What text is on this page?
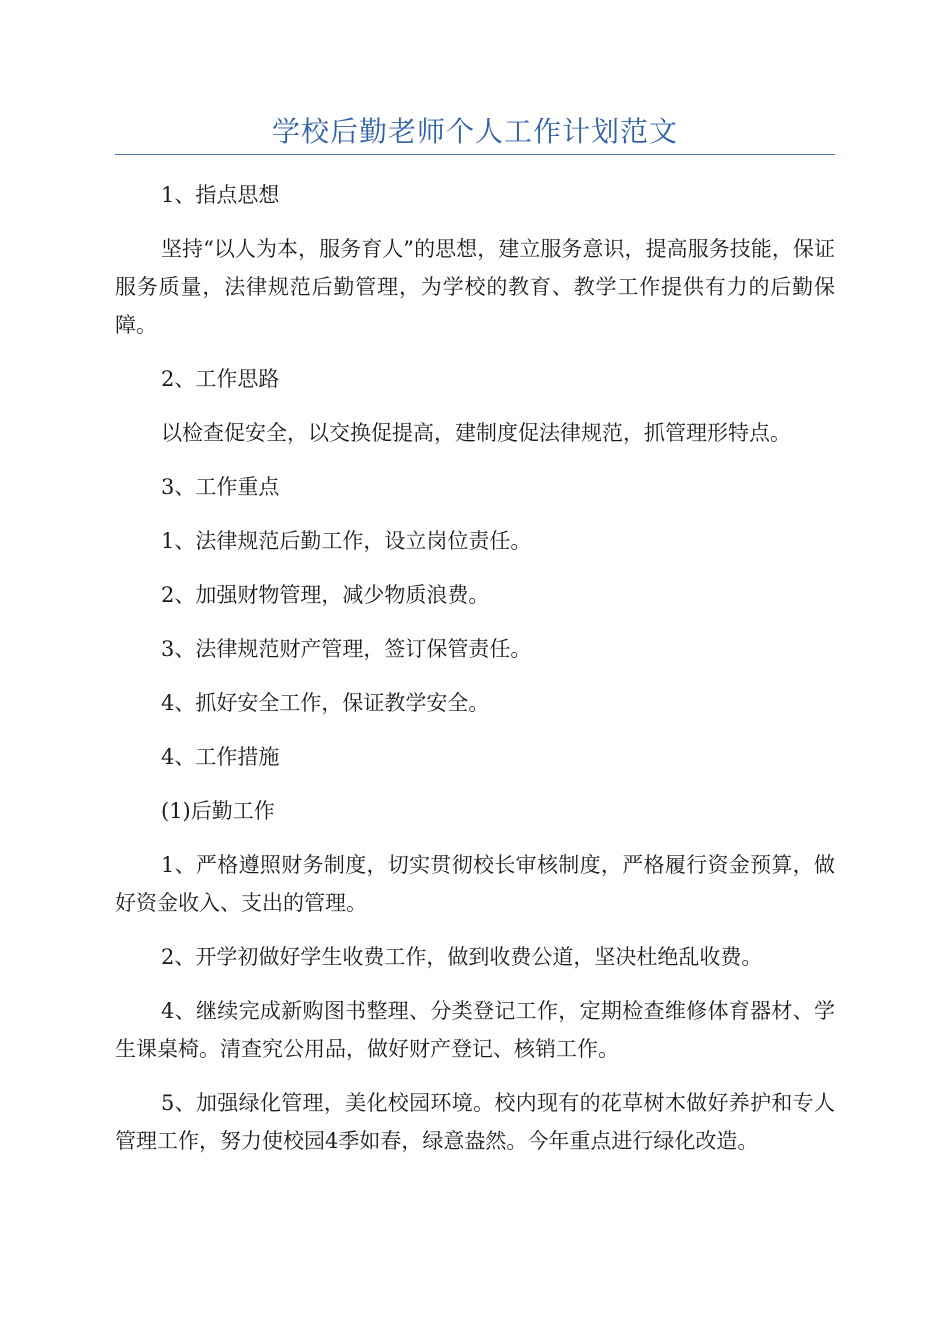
学校后勤老师个人工作计划范文

1、指点思想

坚持“以人为本，服务育人”的思想，建立服务意识，提高服务技能，保证服务质量，法律规范后勤管理，为学校的教育、教学工作提供有力的后勤保障。

2、工作思路

以检查促安全，以交换促提高，建制度促法律规范，抓管理形特点。

3、工作重点

1、法律规范后勤工作，设立岗位责任。

2、加强财物管理，减少物质浪费。

3、法律规范财产管理，签订保管责任。

4、抓好安全工作，保证教学安全。

4、工作措施

(1)后勤工作

1、严格遵照财务制度，切实贯彻校长审核制度，严格履行资金预算，做好资金收入、支出的管理。

2、开学初做好学生收费工作，做到收费公道，坚决杜绝乱收费。

4、继续完成新购图书整理、分类登记工作，定期检查维修体育器材、学生课桌椅。清查究公用品，做好财产登记、核销工作。

5、加强绿化管理，美化校园环境。校内现有的花草树木做好养护和专人管理工作，努力使校园4季如春，绿意盎然。今年重点进行绿化改造。
